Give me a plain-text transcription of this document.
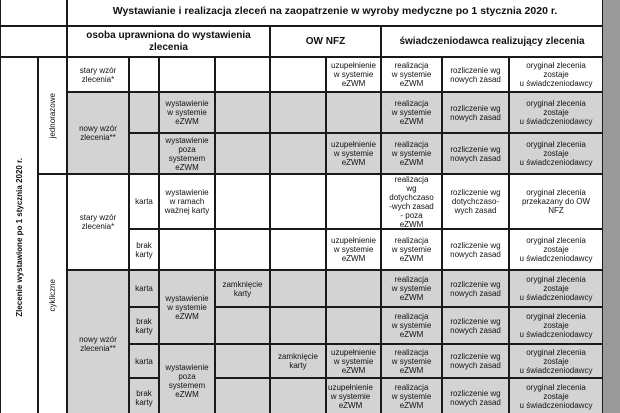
Wystawianie i realizacja zleceń na zaopatrzenie w wyroby medyczne po 1 stycznia 2020 r.
osoba uprawniona do wystawienia
zlecenia	OW NFZ	świadczeniodawca realizujący zlecenia
Zlecenie wystawione po 1 stycznia 2020 r.
jednorazowe
cykliczne
stary wzór
zlecenia*
uzupełnienie
w systemie
eZWM
realizacja
w systemie
eZWM
rozliczenie wg
nowych zasad
oryginał zlecenia
zostaje
u świadczeniodawcy
nowy wzór
zlecenia**
wystawienie
w systemie
eZWM
realizacja
w systemie
eZWM
rozliczenie wg
nowych zasad
oryginał zlecenia
zostaje
u świadczeniodawcy
wystawienie
poza
systemem
eZWM
uzupełnienie
w systemie
eZWM
realizacja
w systemie
eZWM
rozliczenie wg
nowych zasad
oryginał zlecenia
zostaje
u świadczeniodawcy
stary wzór
zlecenia*
karta
wystawienie
w ramach
ważnej karty
realizacja
wg
dotychczaso
-wych zasad
- poza
eZWM
rozliczenie wg
dotychczaso-
wych zasad
oryginał zlecenia
przekazany do OW
NFZ
brak
karty
uzupełnienie
w systemie
eZWM
realizacja
w systemie
eZWM
rozliczenie wg
nowych zasad
oryginał zlecenia
zostaje
u świadczeniodawcy
nowy wzór
zlecenia**
karta
wystawienie
w systemie
eZWM
zamknięcie
karty
realizacja
w systemie
eZWM
rozliczenie wg
nowych zasad
oryginał zlecenia
zostaje
u świadczeniodawcy
brak
karty
realizacja
w systemie
eZWM
rozliczenie wg
nowych zasad
oryginał zlecenia
zostaje
u świadczeniodawcy
karta
wystawienie
poza
systemem
eZWM
zamknięcie
karty
uzupełnienie
w systemie
eZWM
realizacja
w systemie
eZWM
rozliczenie wg
nowych zasad
oryginał zlecenia
zostaje
u świadczeniodawcy
brak
karty
uzupełnienie
w systemie
eZWM
realizacja
w systemie
eZWM
rozliczenie wg
nowych zasad
oryginał zlecenia
zostaje
u świadczeniodawcy
